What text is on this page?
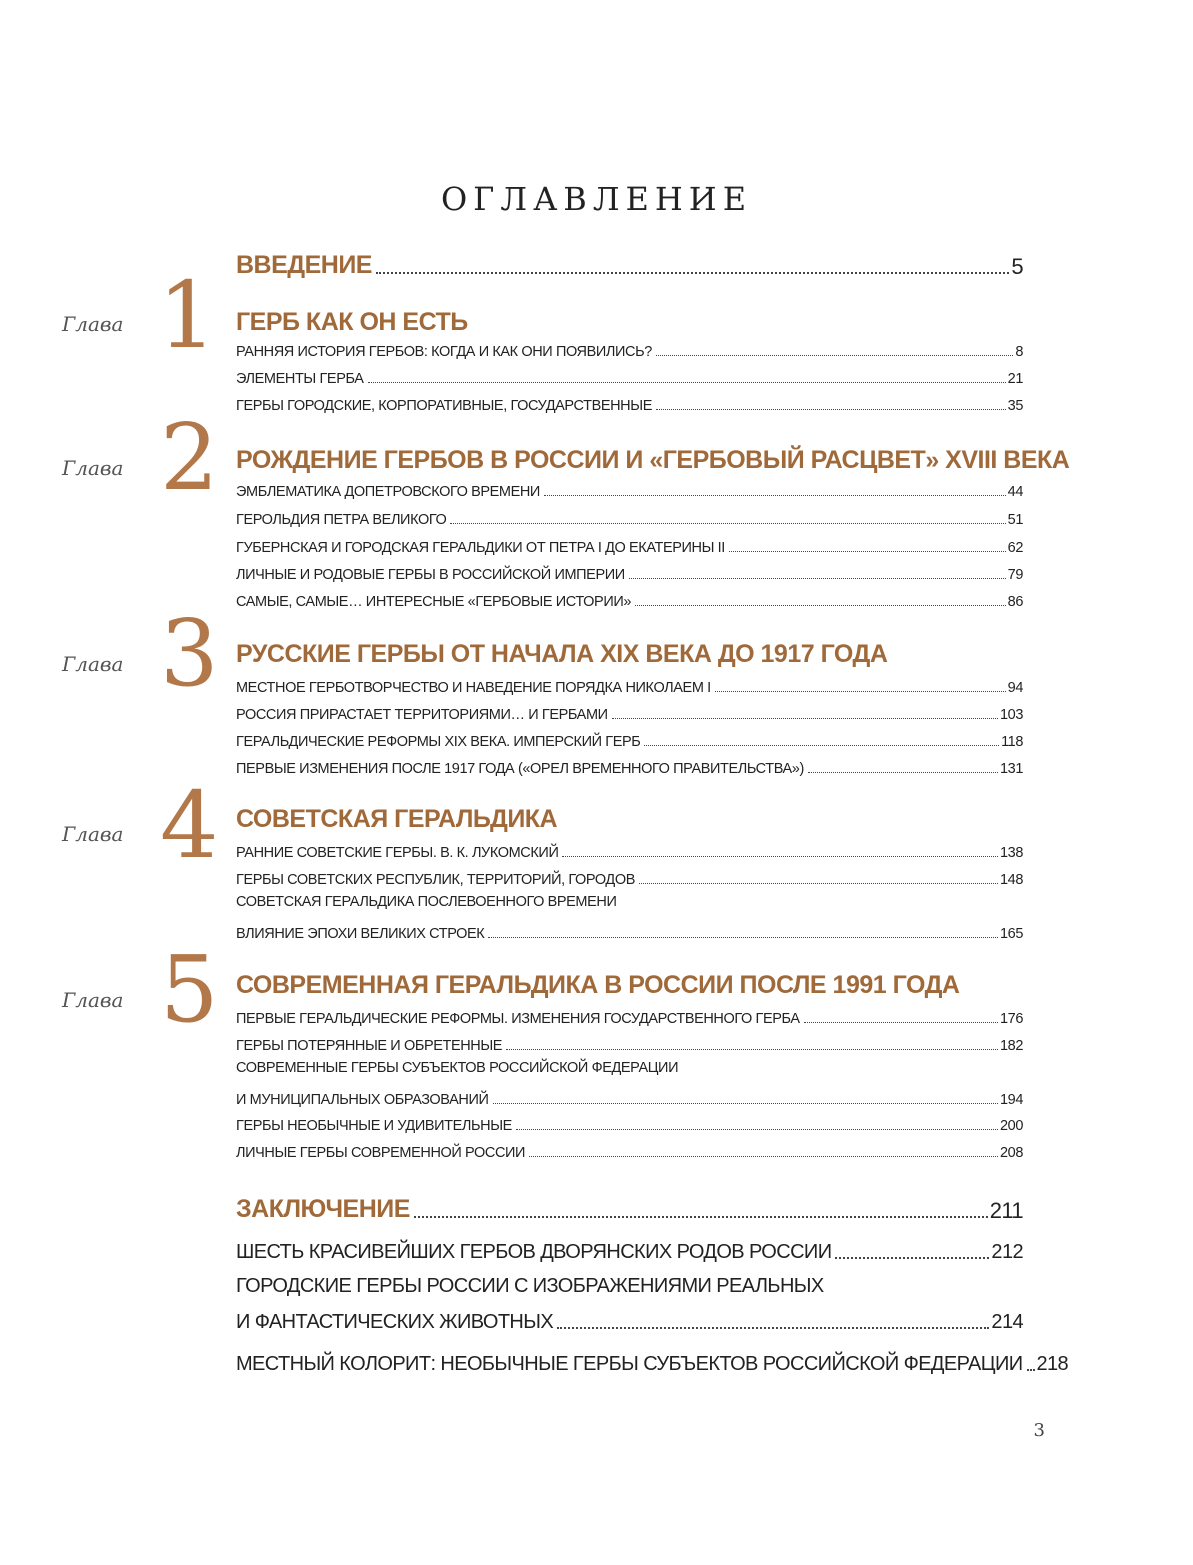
ОГЛАВЛЕНИЕ
ВВЕДЕНИЕ	5
Глава 1 ГЕРБ КАК ОН ЕСТЬ
РАННЯЯ ИСТОРИЯ ГЕРБОВ: КОГДА И КАК ОНИ ПОЯВИЛИСЬ?	8
ЭЛЕМЕНТЫ ГЕРБА	21
ГЕРБЫ ГОРОДСКИЕ, КОРПОРАТИВНЫЕ, ГОСУДАРСТВЕННЫЕ	35
Глава 2 РОЖДЕНИЕ ГЕРБОВ В РОССИИ И «ГЕРБОВЫЙ РАСЦВЕТ» XVIII ВЕКА
ЭМБЛЕМАТИКА ДОПЕТРОВСКОГО ВРЕМЕНИ	44
ГЕРОЛЬДИЯ ПЕТРА ВЕЛИКОГО	51
ГУБЕРНСКАЯ И ГОРОДСКАЯ ГЕРАЛЬДИКИ ОТ ПЕТРА I ДО ЕКАТЕРИНЫ II	62
ЛИЧНЫЕ И РОДОВЫЕ ГЕРБЫ В РОССИЙСКОЙ ИМПЕРИИ	79
САМЫЕ, САМЫЕ… ИНТЕРЕСНЫЕ «ГЕРБОВЫЕ ИСТОРИИ»	86
Глава 3 РУССКИЕ ГЕРБЫ ОТ НАЧАЛА XIX ВЕКА ДО 1917 ГОДА
МЕСТНОЕ ГЕРБОТВОРЧЕСТВО И НАВЕДЕНИЕ ПОРЯДКА НИКОЛАЕМ I	94
РОССИЯ ПРИРАСТАЕТ ТЕРРИТОРИЯМИ… И ГЕРБАМИ	103
ГЕРАЛЬДИЧЕСКИЕ РЕФОРМЫ XIX ВЕКА. ИМПЕРСКИЙ ГЕРБ	118
ПЕРВЫЕ ИЗМЕНЕНИЯ ПОСЛЕ 1917 ГОДА («ОРЕЛ ВРЕМЕННОГО ПРАВИТЕЛЬСТВА»)	131
Глава 4 СОВЕТСКАЯ ГЕРАЛЬДИКА
РАННИЕ СОВЕТСКИЕ ГЕРБЫ. В. К. ЛУКОМСКИЙ	138
ГЕРБЫ СОВЕТСКИХ РЕСПУБЛИК, ТЕРРИТОРИЙ, ГОРОДОВ	148
СОВЕТСКАЯ ГЕРАЛЬДИКА ПОСЛЕВОЕННОГО ВРЕМЕНИ
ВЛИЯНИЕ ЭПОХИ ВЕЛИКИХ СТРОЕК	165
Глава 5 СОВРЕМЕННАЯ ГЕРАЛЬДИКА В РОССИИ ПОСЛЕ 1991 ГОДА
ПЕРВЫЕ ГЕРАЛЬДИЧЕСКИЕ РЕФОРМЫ. ИЗМЕНЕНИЯ ГОСУДАРСТВЕННОГО ГЕРБА	176
ГЕРБЫ ПОТЕРЯННЫЕ И ОБРЕТЕННЫЕ	182
СОВРЕМЕННЫЕ ГЕРБЫ СУБЪЕКТОВ РОССИЙСКОЙ ФЕДЕРАЦИИ
И МУНИЦИПАЛЬНЫХ ОБРАЗОВАНИЙ	194
ГЕРБЫ НЕОБЫЧНЫЕ И УДИВИТЕЛЬНЫЕ	200
ЛИЧНЫЕ ГЕРБЫ СОВРЕМЕННОЙ РОССИИ	208
ЗАКЛЮЧЕНИЕ	211
ШЕСТЬ КРАСИВЕЙШИХ ГЕРБОВ ДВОРЯНСКИХ РОДОВ РОССИИ	212
ГОРОДСКИЕ ГЕРБЫ РОССИИ С ИЗОБРАЖЕНИЯМИ РЕАЛЬНЫХ
И ФАНТАСТИЧЕСКИХ ЖИВОТНЫХ	214
МЕСТНЫЙ КОЛОРИТ: НЕОБЫЧНЫЕ ГЕРБЫ СУБЪЕКТОВ РОССИЙСКОЙ ФЕДЕРАЦИИ 218
3
